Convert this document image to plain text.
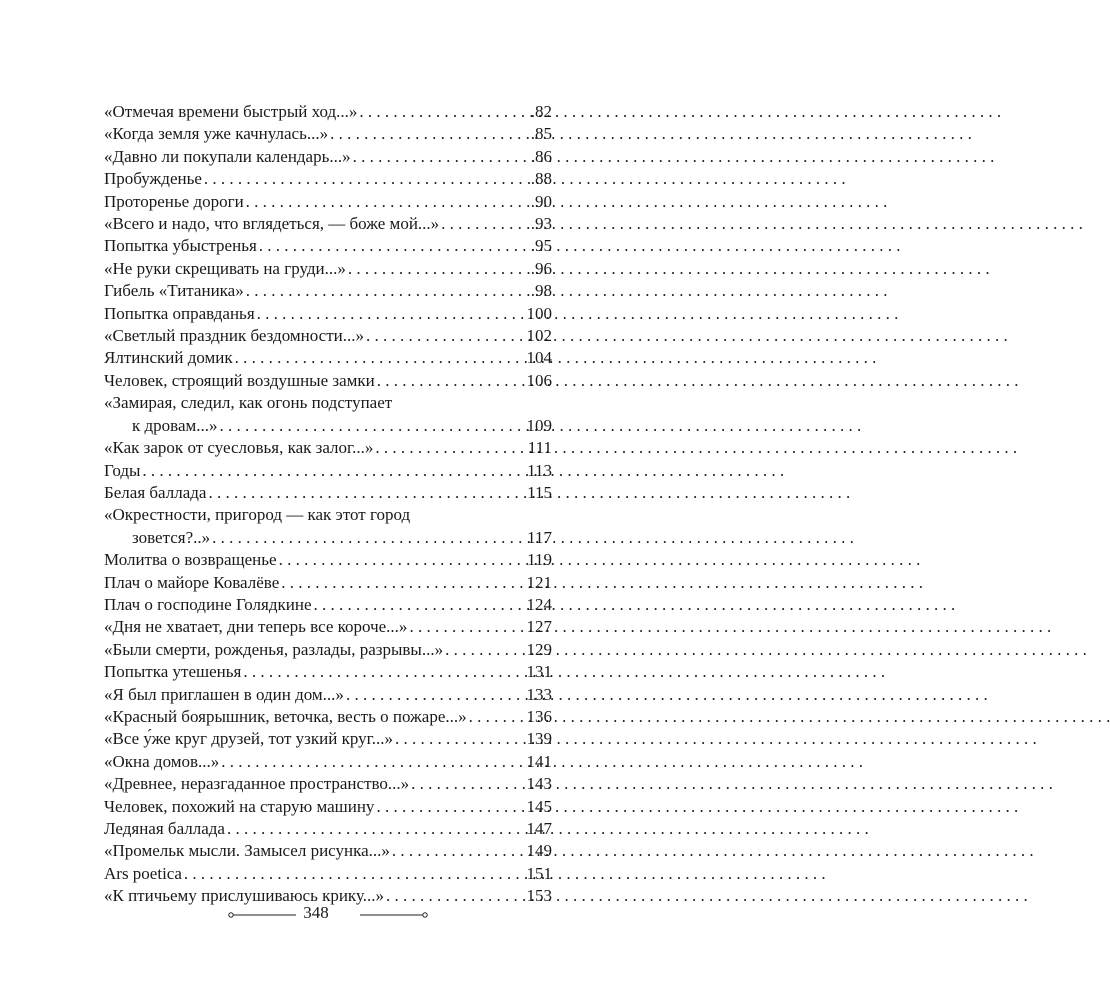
«Отмечая времени быстрый ход...» . . .	.82
«Когда земля уже качнулась...» . . .	.85
«Давно ли покупали календарь...» . . .	.86
Пробужденье . . .	.88
Проторенье дороги . . .	.90
«Всего и надо, что вглядеться, — боже мой...» . . .	.93
Попытка убыстренья . . .	.95
«Не руки скрещивать на груди...» . . .	.96
Гибель «Титаника» . . .	.98
Попытка оправданья . . .	100
«Светлый праздник бездомности...» . . .	102
Ялтинский домик . . .	104
Человек, строящий воздушные замки . . .	106
«Замирая, следил, как огонь подступает
к дровам...» . . .	109
«Как зарок от суесловья, как залог...» . . .	111
Годы . . .	113
Белая баллада . . .	115
«Окрестности, пригород — как этот город
зовется?..» . . .	117
Молитва о возвращенье . . .	119
Плач о майоре Ковалёве . . .	121
Плач о господине Голядкине . . .	124
«Дня не хватает, дни теперь все короче...» . . .	127
«Были смерти, рожденья, разлады, разрывы...» . . .	129
Попытка утешенья . . .	131
«Я был приглашен в один дом...» . . .	133
«Красный боярышник, веточка, весть о пожаре...» . . .	136
«Все у́же круг друзей, тот узкий круг...» . . .	139
«Окна домов...» . . .	141
«Древнее, неразгаданное пространство...» . . .	143
Человек, похожий на старую машину . . .	145
Ледяная баллада . . .	147
«Промельк мысли. Замысел рисунка...» . . .	149
Ars poetica . . .	151
«К птичьему прислушиваюсь крику...» . . .	153
348
